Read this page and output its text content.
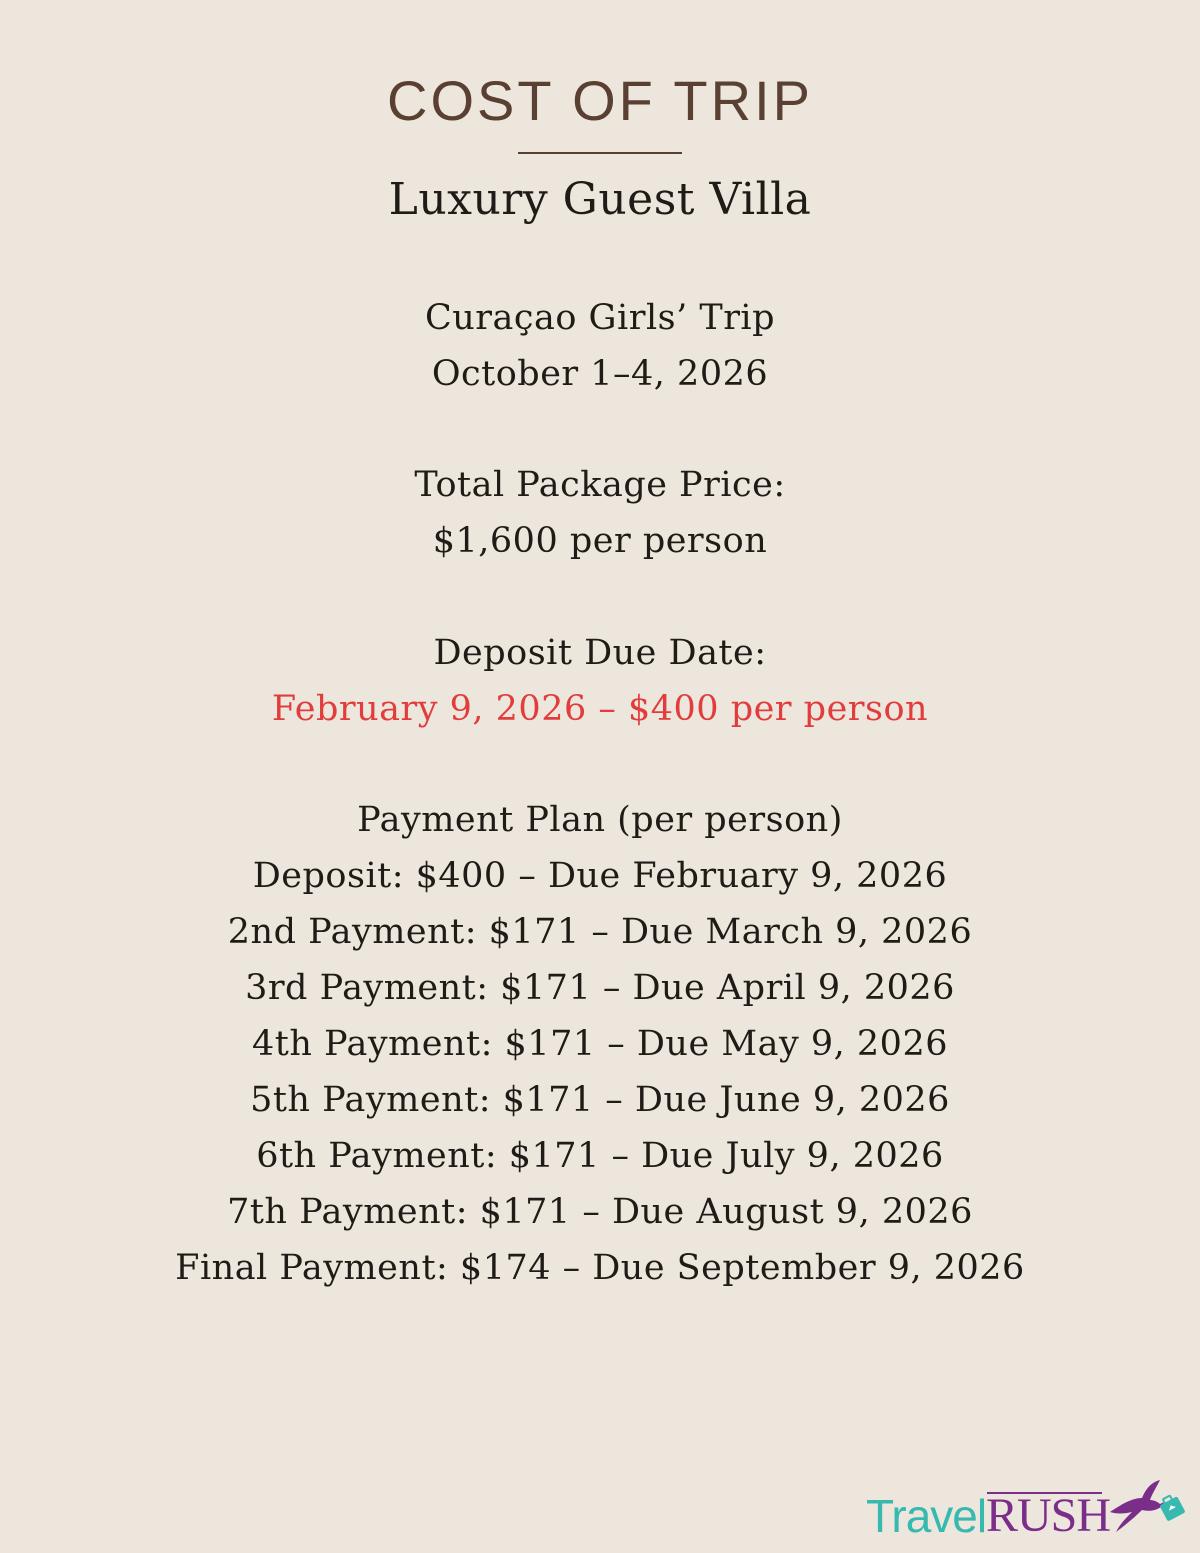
COST OF TRIP
Luxury Guest Villa
Curaçao Girls’ Trip
October 1–4, 2026
Total Package Price:
$1,600 per person
Deposit Due Date:
February 9, 2026 – $400 per person
Payment Plan (per person)
Deposit: $400 – Due February 9, 2026
2nd Payment: $171 – Due March 9, 2026
3rd Payment: $171 – Due April 9, 2026
4th Payment: $171 – Due May 9, 2026
5th Payment: $171 – Due June 9, 2026
6th Payment: $171 – Due July 9, 2026
7th Payment: $171 – Due August 9, 2026
Final Payment: $174 – Due September 9, 2026
Travel RUSH
